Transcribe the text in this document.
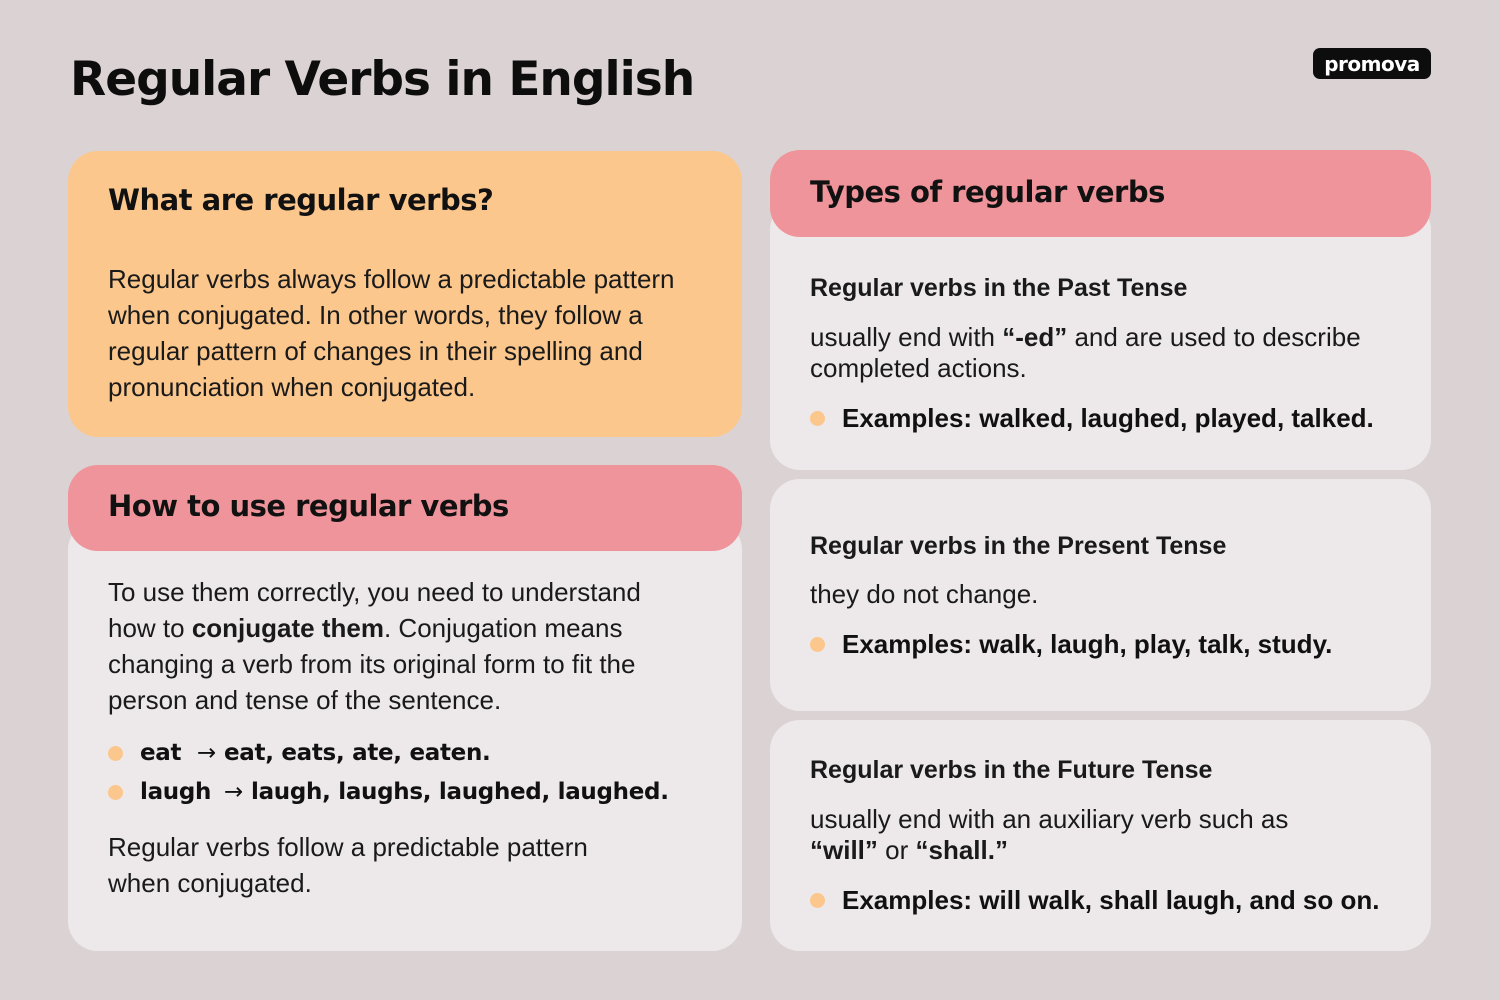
Regular Verbs in English	promova
What are regular verbs?
Regular verbs always follow a predictable pattern
when conjugated. In other words, they follow a
regular pattern of changes in their spelling and
pronunciation when conjugated.
How to use regular verbs
To use them correctly, you need to understand
how to conjugate them. Conjugation means
changing a verb from its original form to fit the
person and tense of the sentence.
eat → eat, eats, ate, eaten.
laugh → laugh, laughs, laughed, laughed.
Regular verbs follow a predictable pattern
when conjugated.
Types of regular verbs
Regular verbs in the Past Tense
usually end with “-ed” and are used to describe
completed actions.
Examples: walked, laughed, played, talked.
Regular verbs in the Present Tense
they do not change.
Examples: walk, laugh, play, talk, study.
Regular verbs in the Future Tense
usually end with an auxiliary verb such as
“will” or “shall.”
Examples: will walk, shall laugh, and so on.
